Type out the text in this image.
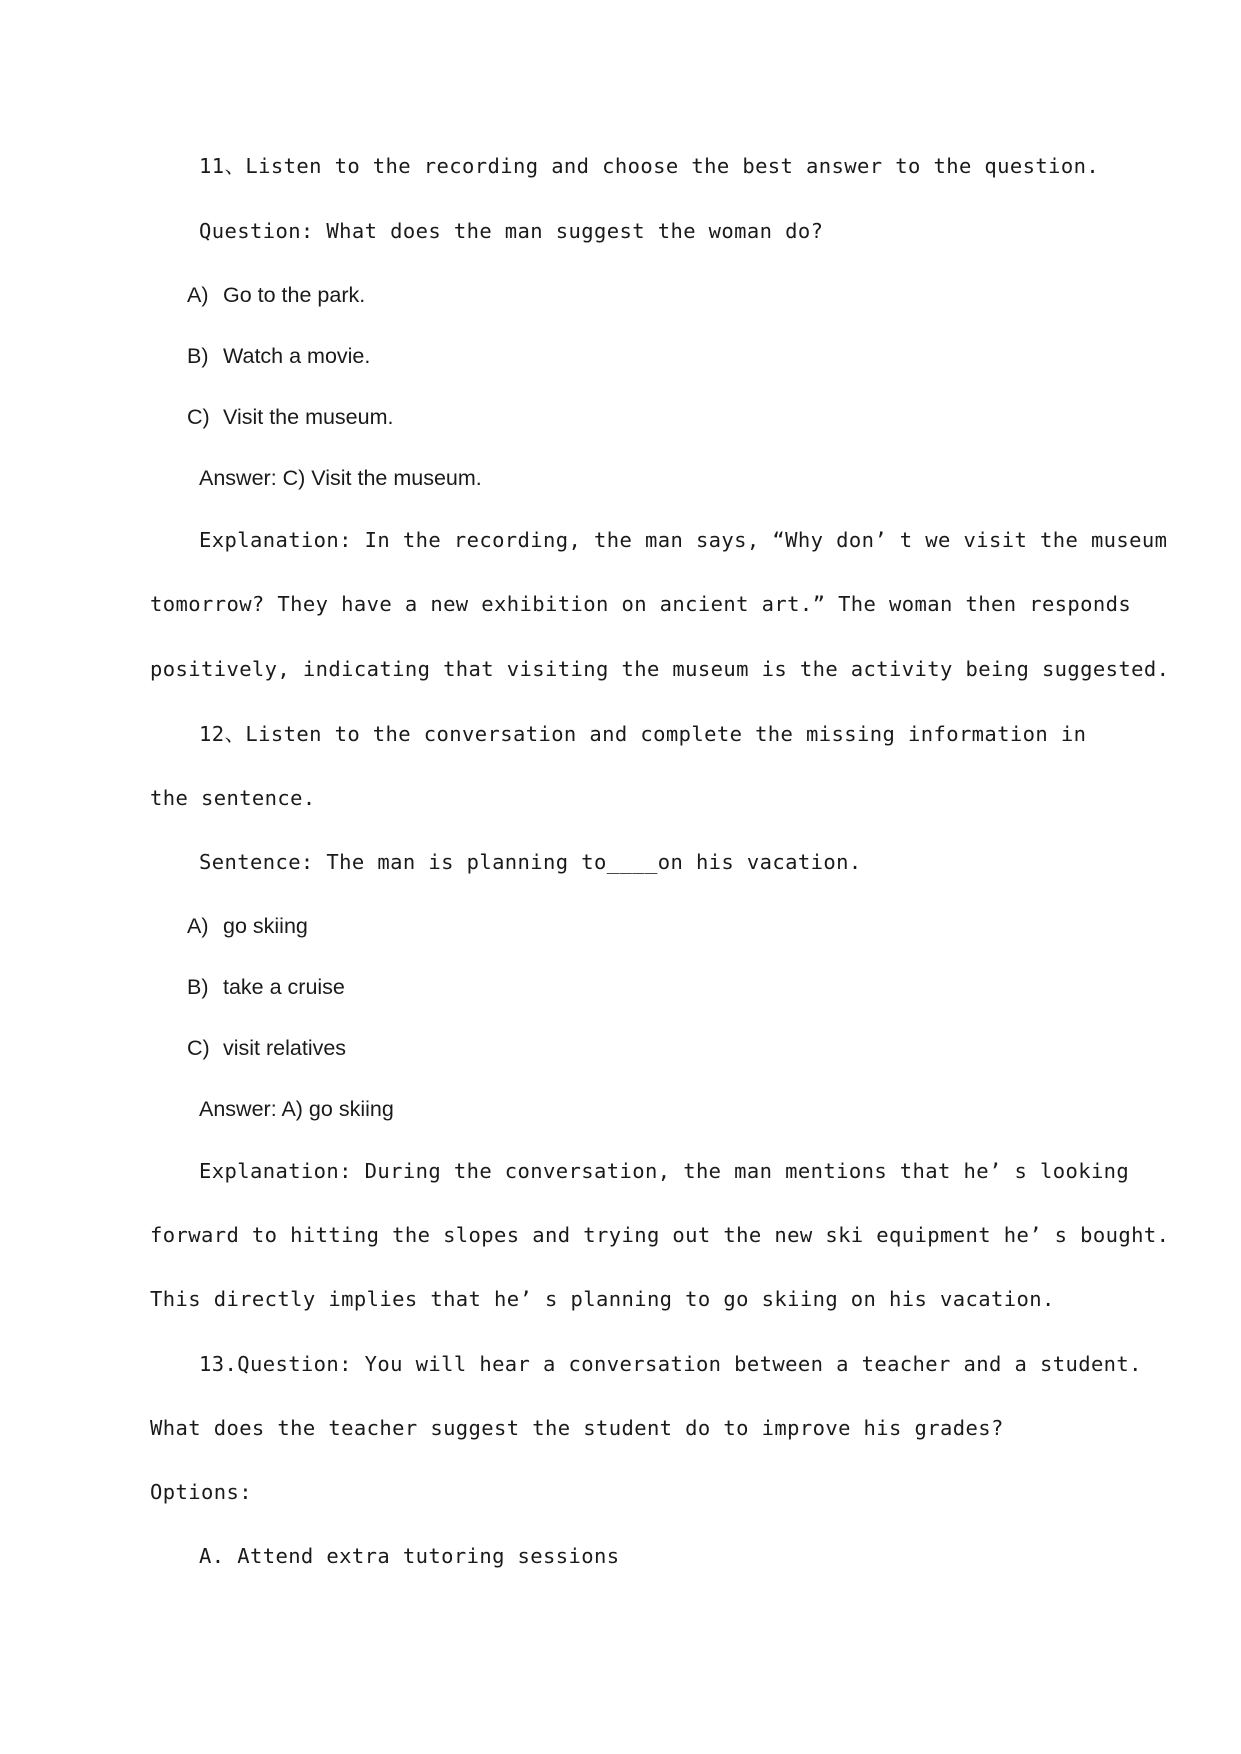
11、Listen to the recording and choose the best answer to the question.
Question: What does the man suggest the woman do?
A) Go to the park.
B) Watch a movie.
C) Visit the museum.
Answer: C) Visit the museum.
Explanation: In the recording, the man says, “Why don’ t we visit the museum
tomorrow? They have a new exhibition on ancient art.” The woman then responds
positively, indicating that visiting the museum is the activity being suggested.
12、Listen to the conversation and complete the missing information in
the sentence.
Sentence: The man is planning to____on his vacation.
A) go skiing
B) take a cruise
C) visit relatives
Answer: A) go skiing
Explanation: During the conversation, the man mentions that he’ s looking
forward to hitting the slopes and trying out the new ski equipment he’ s bought.
This directly implies that he’ s planning to go skiing on his vacation.
13.Question: You will hear a conversation between a teacher and a student.
What does the teacher suggest the student do to improve his grades?
Options:
A. Attend extra tutoring sessions
